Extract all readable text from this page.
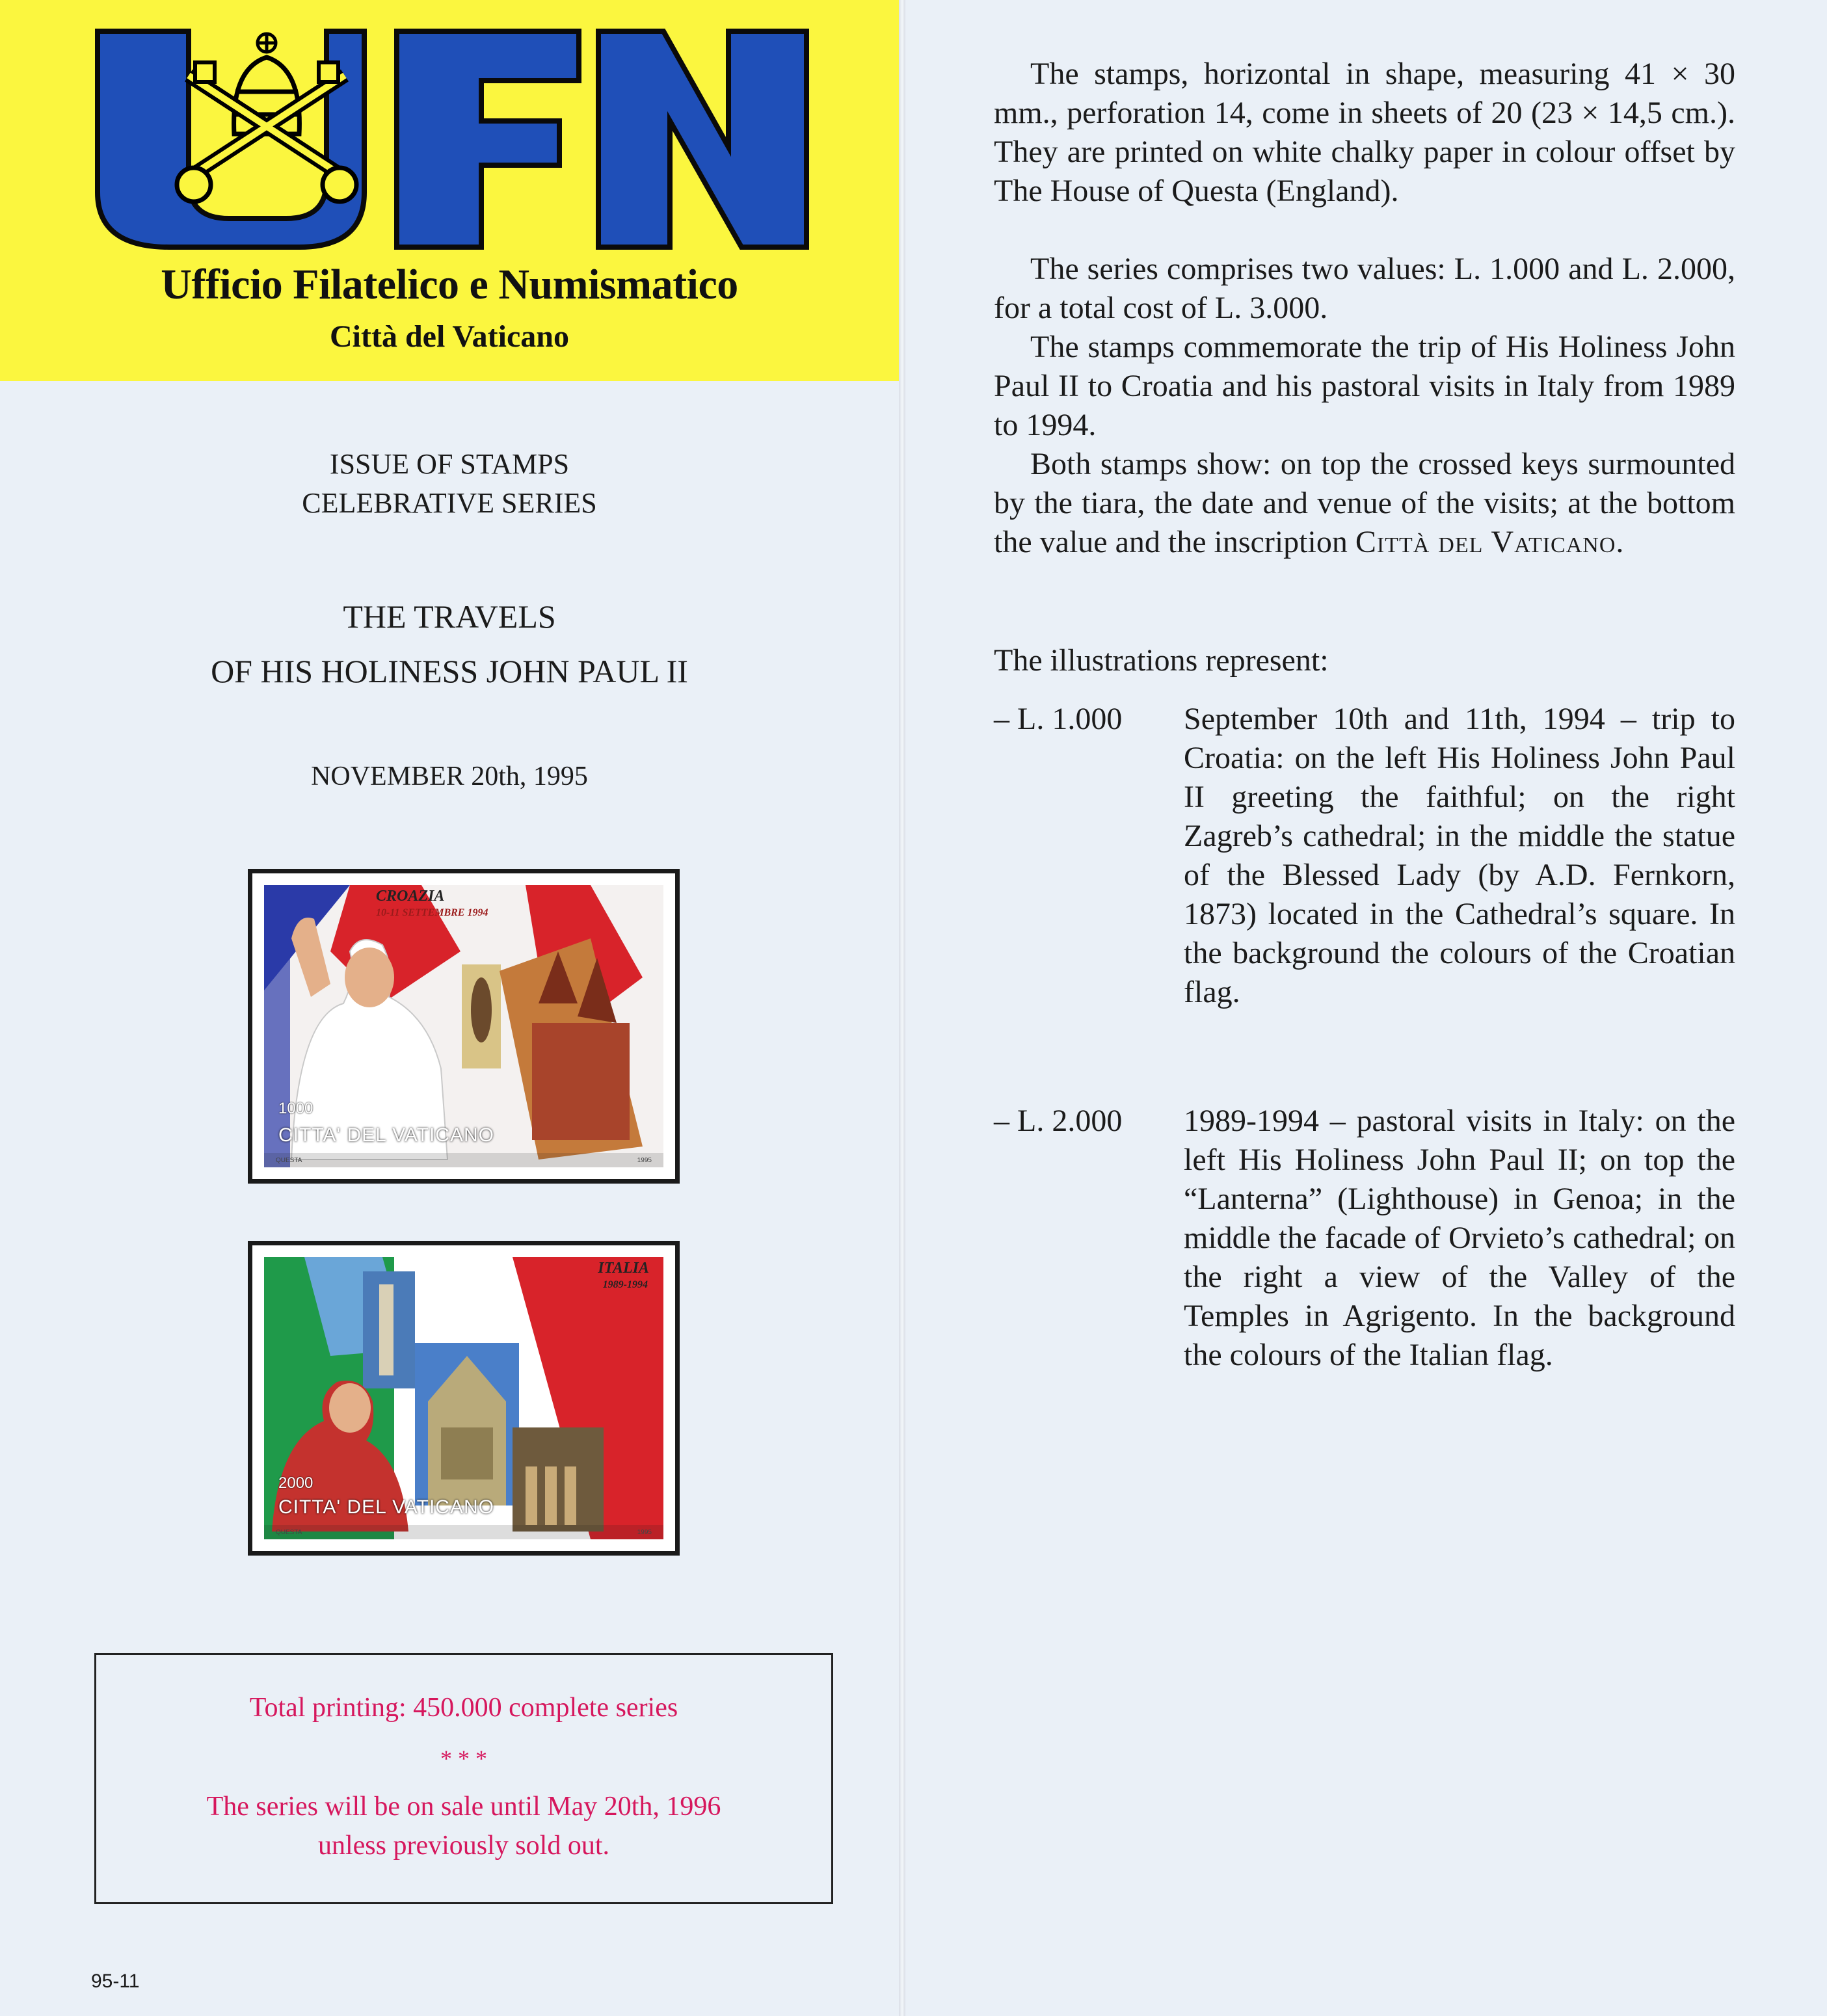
Ufficio Filatelico e Numismatico
Città del Vaticano
ISSUE OF STAMPS
CELEBRATIVE SERIES
THE TRAVELS
OF HIS HOLINESS JOHN PAUL II
NOVEMBER 20th, 1995
CROAZIA
10-11 SETTEMBRE 1994
1000
CITTA' DEL VATICANO
QUESTA	1995
ITALIA
1989-1994
2000
CITTA' DEL VATICANO
QUESTA	1995
Total printing: 450.000 complete series
* * *
The series will be on sale until May 20th, 1996
unless previously sold out.
95-11

The stamps, horizontal in shape, measuring 41 × 30 mm., perforation 14, come in sheets of 20 (23 × 14,5 cm.). They are printed on white chalky paper in colour offset by The House of Questa (England).

The series comprises two values: L. 1.000 and L. 2.000, for a total cost of L. 3.000.

The stamps commemorate the trip of His Holiness John Paul II to Croatia and his pastoral visits in Italy from 1989 to 1994.

Both stamps show: on top the crossed keys surmounted by the tiara, the date and venue of the visits; at the bottom the value and the inscription Città del Vaticano.

The illustrations represent:

– L. 1.000 September 10th and 11th, 1994 – trip to Croatia: on the left His Holiness John Paul II greeting the faithful; on the right Zagreb’s cathedral; in the middle the statue of the Blessed Lady (by A.D. Fernkorn, 1873) located in the Cathedral’s square. In the background the colours of the Croatian flag.

– L. 2.000 1989-1994 – pastoral visits in Italy: on the left His Holiness John Paul II; on top the “Lanterna” (Lighthouse) in Genoa; in the middle the facade of Orvieto’s cathedral; on the right a view of the Valley of the Temples in Agrigento. In the background the colours of the Italian flag.
